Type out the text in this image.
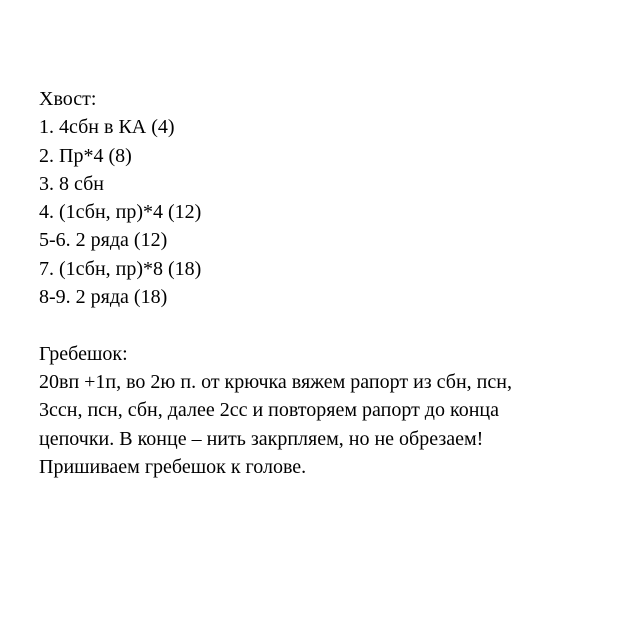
Хвост:
1. 4сбн в КА (4)
2. Пр*4 (8)
3. 8 сбн
4. (1сбн, пр)*4 (12)
5-6. 2 ряда (12)
7. (1сбн, пр)*8 (18)
8-9. 2 ряда (18)
Гребешок:
20вп +1п, во 2ю п. от крючка вяжем рапорт из сбн, псн,
3ссн, псн, сбн, далее 2сс и повторяем рапорт до конца
цепочки. В конце – нить закрпляем, но не обрезаем!
Пришиваем гребешок к голове.
